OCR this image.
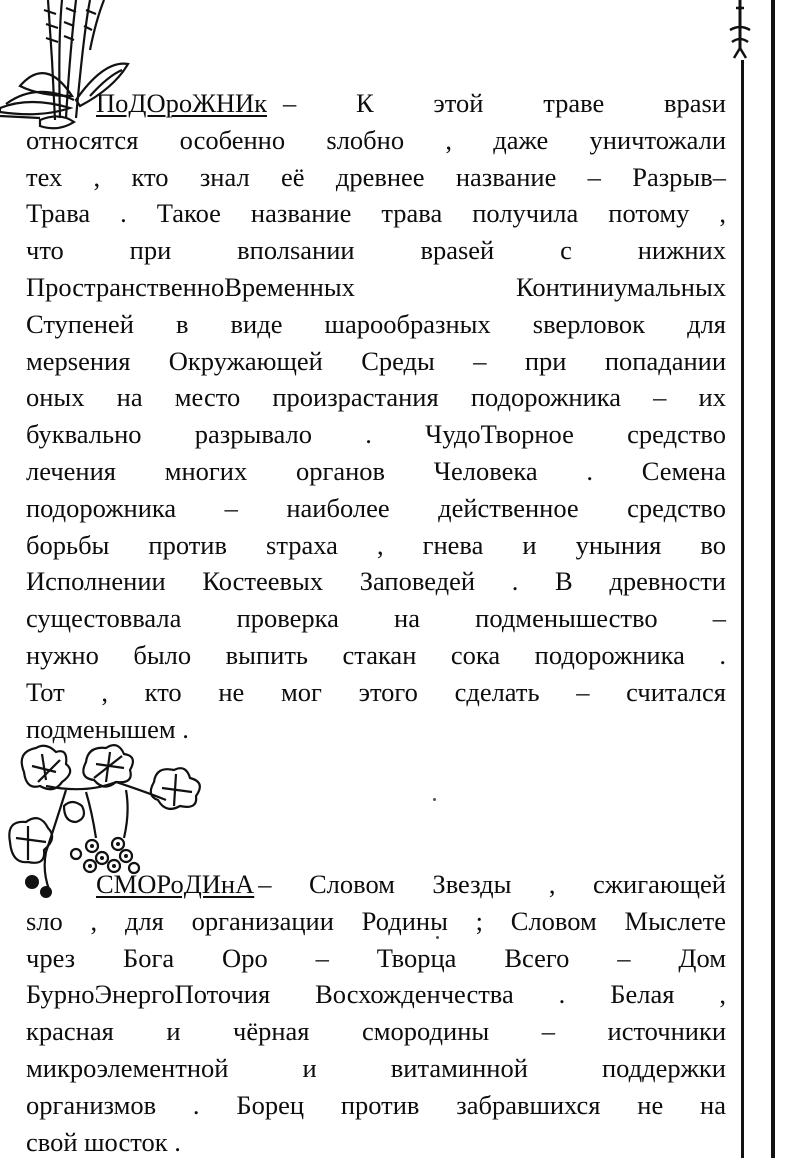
ПоДОроЖНИк – К этой траве враѕи
относятся особенно ѕлобно , даже уничтожали
тех , кто знал её древнее название – Разрыв–
Трава . Такое название трава получила потому ,
что при вполѕании враѕей с нижних
ПространственноВременных Континиумальных
Ступеней в виде шарообразных ѕверловок для
мерѕения Окружающей Среды – при попадании
оных на место произрастания подорожника – их
буквально разрывало . ЧудоТворное средство
лечения многих органов Человека . Семена
подорожника – наиболее действенное средство
борьбы против ѕтраха , гнева и уныния во
Исполнении Костеевых Заповедей . В древности
сущестоввала проверка на подменышество –
нужно было выпить стакан сока подорожника .
Тот , кто не мог этого сделать – считался
подменышем .
СМОРоДИнА – Словом Звезды , сжигающей
ѕло , для организации Родины ; Словом Мыслете
чрез Бога Оро – Творца Всего – Дом
БурноЭнергоПоточия Восхожденчества . Белая ,
красная и чёрная смородины – источники
микроэлементной и витаминной поддержки
организмов . Борец против забравшихся не на
свой шосток .
